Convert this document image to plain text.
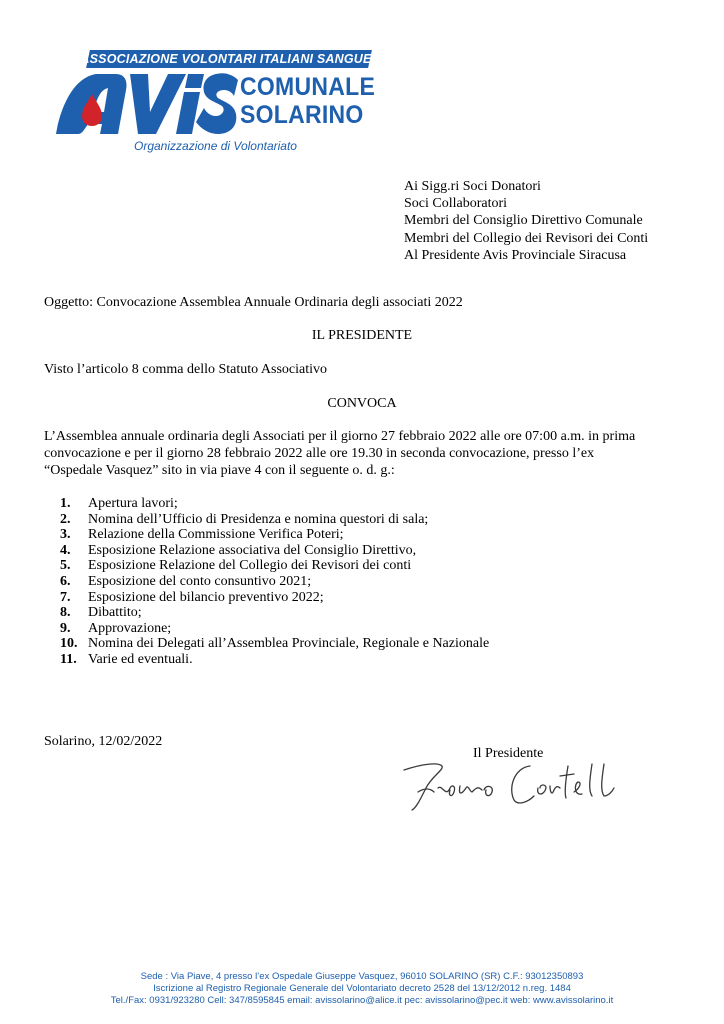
ASSOCIAZIONE VOLONTARI ITALIANI SANGUE
AVIS
COMUNALE
SOLARINO
Organizzazione di Volontariato
Ai Sigg.ri Soci Donatori
Soci Collaboratori
Membri del Consiglio Direttivo Comunale
Membri del Collegio dei Revisori dei Conti
Al Presidente Avis Provinciale Siracusa
Oggetto: Convocazione Assemblea Annuale Ordinaria degli associati 2022
IL PRESIDENTE
Visto l’articolo 8 comma dello Statuto Associativo
CONVOCA
L’Assemblea annuale ordinaria degli Associati per il giorno 27 febbraio 2022 alle ore 07:00 a.m. in prima
convocazione e per il giorno 28 febbraio 2022 alle ore 19.30 in seconda convocazione, presso l’ex
“Ospedale Vasquez” sito in via piave 4 con il seguente o. d. g.:
1.	Apertura lavori;
2.	Nomina dell’Ufficio di Presidenza e nomina questori di sala;
3.	Relazione della Commissione Verifica Poteri;
4.	Esposizione Relazione associativa del Consiglio Direttivo,
5.	Esposizione Relazione del Collegio dei Revisori dei conti
6.	Esposizione del conto consuntivo 2021;
7.	Esposizione del bilancio preventivo 2022;
8.	Dibattito;
9.	Approvazione;
10. Nomina dei Delegati all’Assemblea Provinciale, Regionale e Nazionale
11. Varie ed eventuali.
Solarino, 12/02/2022
Il Presidente
Ivono Cortelli
Sede : Via Piave, 4 presso l’ex Ospedale Giuseppe Vasquez, 96010 SOLARINO (SR) C.F.: 93012350893
Iscrizione al Registro Regionale Generale del Volontariato decreto 2528 del 13/12/2012 n.reg. 1484
Tel./Fax: 0931/923280 Cell: 347/8595845 email: avissolarino@alice.it pec: avissolarino@pec.it web: www.avissolarino.it
